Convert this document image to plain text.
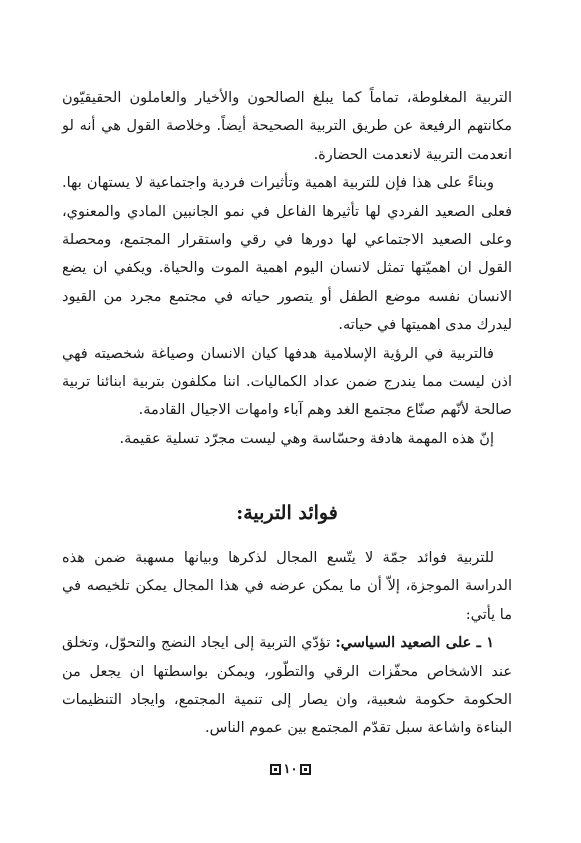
التربية المغلوطة، تماماً كما يبلغ الصالحون والأخيار والعاملون الحقيقيّون مكانتهم الرفيعة عن طريق التربية الصحيحة أيضاً. وخلاصة القول هي أنه لو انعدمت التربية لانعدمت الحضارة.

وبناءً على هذا فإن للتربية اهمية وتأثيرات فردية واجتماعية لا يستهان بها. فعلى الصعيد الفردي لها تأثيرها الفاعل في نمو الجانبين المادي والمعنوي، وعلى الصعيد الاجتماعي لها دورها في رقي واستقرار المجتمع، ومحصلة القول ان اهميّتها تمثل لانسان اليوم اهمية الموت والحياة. ويكفي ان يضع الانسان نفسه موضع الطفل أو يتصور حياته في مجتمع مجرد من القيود ليدرك مدى اهميتها في حياته.

فالتربية في الرؤية الإسلامية هدفها كيان الانسان وصياغة شخصيته فهي اذن ليست مما يندرج ضمن عداد الكماليات. اننا مكلفون بتربية ابنائنا تربية صالحة لأنّهم صنّاع مجتمع الغد وهم آباء وامهات الاجيال القادمة.

إنّ هذه المهمة هادفة وحسّاسة وهي ليست مجرّد تسلية عقيمة.

فوائد التربية:

للتربية فوائد جمّة لا يتّسع المجال لذكرها وبيانها مسهبة ضمن هذه الدراسة الموجزة، إلاّ أن ما يمكن عرضه في هذا المجال يمكن تلخيصه في ما يأتي:

١ ـ على الصعيد السياسي: تؤدّي التربية إلى ايجاد النضج والتحوّل، وتخلق عند الاشخاص محفّزات الرقي والتطّور، ويمكن بواسطتها ان يجعل من الحكومة حكومة شعبية، وان يصار إلى تنمية المجتمع، وايجاد التنظيمات البناءة واشاعة سبل تقدّم المجتمع بين عموم الناس.

١٠
